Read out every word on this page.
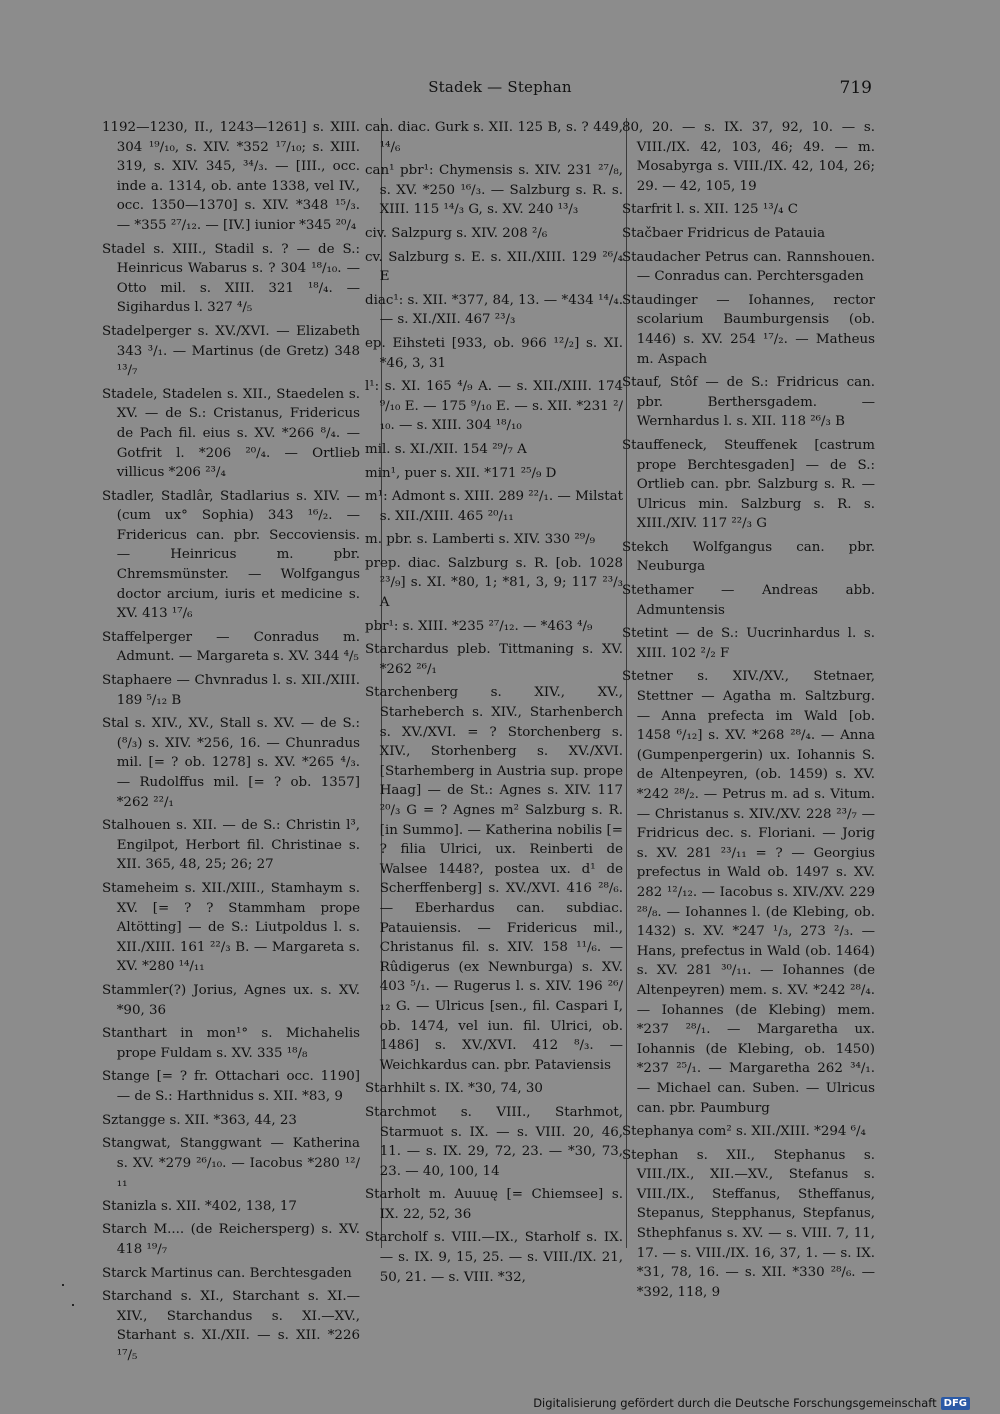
Stadek — Stephan	719
1192—1230, II., 1243—1261] s. XIII. 304 ¹⁹/₁₀, s. XIV. *352 ¹⁷/₁₀; s. XIII. 319, s. XIV. 345, ³⁴/₃. — [III., occ. inde a. 1314, ob. ante 1338, vel IV., occ. 1350—1370] s. XIV. *348 ¹⁵/₃. — *355 ²⁷/₁₂. — [IV.] iunior *345 ²⁰/₄
Stadel s. XIII., Stadil s. ? — de S.: Heinricus Wabarus s. ? 304 ¹⁸/₁₀. — Otto mil. s. XIII. 321 ¹⁸/₄. — Sigihardus l. 327 ⁴/₅
Stadelperger s. XV./XVI. — Elizabeth 343 ³/₁. — Martinus (de Gretz) 348 ¹³/₇
Stadele, Stadelen s. XII., Staedelen s. XV. — de S.: Cristanus, Fridericus de Pach fil. eius s. XV. *266 ⁸/₄. — Gotfrit l. *206 ²⁰/₄. — Ortlieb villicus *206 ²³/₄
Stadler, Stadlâr, Stadlarius s. XIV. — (cum ux° Sophia) 343 ¹⁶/₂. — Fridericus can. pbr. Seccoviensis. — Heinricus m. pbr. Chremsmünster. — Wolfgangus doctor arcium, iuris et medicine s. XV. 413 ¹⁷/₆
Staffelperger — Conradus m. Admunt. — Margareta s. XV. 344 ⁴/₅
Staphaere — Chvnradus l. s. XII./XIII. 189 ⁵/₁₂ B
Stal s. XIV., XV., Stall s. XV. — de S.: (⁸/₃) s. XIV. *256, 16. — Chunradus mil. [= ? ob. 1278] s. XV. *265 ⁴/₃. — Rudolffus mil. [= ? ob. 1357] *262 ²²/₁
Stalhouen s. XII. — de S.: Christin l³, Engilpot, Herbort fil. Christinae s. XII. 365, 48, 25; 26; 27
Stameheim s. XII./XIII., Stamhaym s. XV. [= ? ? Stammham prope Altötting] — de S.: Liutpoldus l. s. XII./XIII. 161 ²²/₃ B. — Margareta s. XV. *280 ¹⁴/₁₁
Stammler(?) Jorius, Agnes ux. s. XV. *90, 36
Stanthart in mon¹° s. Michahelis prope Fuldam s. XV. 335 ¹⁸/₈
Stange [= ? fr. Ottachari occ. 1190] — de S.: Harthnidus s. XII. *83, 9
Sztangge s. XII. *363, 44, 23
Stangwat, Stanggwant — Katherina s. XV. *279 ²⁶/₁₀. — Iacobus *280 ¹²/₁₁
Stanizla s. XII. *402, 138, 17
Starch M.... (de Reichersperg) s. XV. 418 ¹⁹/₇
Starck Martinus can. Berchtesgaden
Starchand s. XI., Starchant s. XI.—XIV., Starchandus s. XI.—XV., Starhant s. XI./XII. — s. XII. *226 ¹⁷/₅
can. diac. Gurk s. XII. 125 B, s. ? 449, ¹⁴/₆
can¹ pbr¹: Chymensis s. XIV. 231 ²⁷/₈, s. XV. *250 ¹⁶/₃. — Salzburg s. R. s. XIII. 115 ¹⁴/₃ G, s. XV. 240 ¹³/₃
civ. Salzpurg s. XIV. 208 ²/₆
cv. Salzburg s. E. s. XII./XIII. 129 ²⁶/₄ E
diac¹: s. XII. *377, 84, 13. — *434 ¹⁴/₄. — s. XI./XII. 467 ²³/₃
ep. Eihsteti [933, ob. 966 ¹²/₂] s. XI. *46, 3, 31
l¹: s. XI. 165 ⁴/₉ A. — s. XII./XIII. 174 ⁹/₁₀ E. — 175 ⁹/₁₀ E. — s. XII. *231 ²/₁₀. — s. XIII. 304 ¹⁸/₁₀
mil. s. XI./XII. 154 ²⁹/₇ A
min¹, puer s. XII. *171 ²⁵/₉ D
m¹: Admont s. XIII. 289 ²²/₁. — Milstat s. XII./XIII. 465 ²⁰/₁₁
m. pbr. s. Lamberti s. XIV. 330 ²⁹/₉
prep. diac. Salzburg s. R. [ob. 1028 ²³/₉] s. XI. *80, 1; *81, 3, 9; 117 ²³/₃ A
pbr¹: s. XIII. *235 ²⁷/₁₂. — *463 ⁴/₉
Starchardus pleb. Tittmaning s. XV. *262 ²⁶/₁
Starchenberg s. XIV., XV., Starheberch s. XIV., Starhenberch s. XV./XVI. = ? Storchenberg s. XIV., Storhenberg s. XV./XVI. [Starhemberg in Austria sup. prope Haag] — de St.: Agnes s. XIV. 117 ²⁰/₃ G = ? Agnes m² Salzburg s. R. [in Summo]. — Katherina nobilis [= ? filia Ulrici, ux. Reinberti de Walsee 1448?, postea ux. d¹ de Scherffenberg] s. XV./XVI. 416 ²⁸/₆. — Eberhardus can. subdiac. Patauiensis. — Fridericus mil., Christanus fil. s. XIV. 158 ¹¹/₆. — Rûdigerus (ex Newnburga) s. XV. 403 ⁵/₁. — Rugerus l. s. XIV. 196 ²⁶/₁₂ G. — Ulricus [sen., fil. Caspari I, ob. 1474, vel iun. fil. Ulrici, ob. 1486] s. XV./XVI. 412 ⁸/₃. — Weichkardus can. pbr. Pataviensis
Starhhilt s. IX. *30, 74, 30
Starchmot s. VIII., Starhmot, Starmuot s. IX. — s. VIII. 20, 46, 11. — s. IX. 29, 72, 23. — *30, 73, 23. — 40, 100, 14
Starholt m. Auuuę [= Chiemsee] s. IX. 22, 52, 36
Starcholf s. VIII.—IX., Starholf s. IX. — s. IX. 9, 15, 25. — s. VIII./IX. 21, 50, 21. — s. VIII. *32,
80, 20. — s. IX. 37, 92, 10. — s. VIII./IX. 42, 103, 46; 49. — m. Mosabyrga s. VIII./IX. 42, 104, 26; 29. — 42, 105, 19
Starfrit l. s. XII. 125 ¹³/₄ C
Stačbaer Fridricus de Patauia
Staudacher Petrus can. Rannshouen. — Conradus can. Perchtersgaden
Staudinger — Iohannes, rector scolarium Baumburgensis (ob. 1446) s. XV. 254 ¹⁷/₂. — Matheus m. Aspach
Stauf, Stôf — de S.: Fridricus can. pbr. Berthersgadem. — Wernhardus l. s. XII. 118 ²⁶/₃ B
Stauffeneck, Steuffenek [castrum prope Berchtesgaden] — de S.: Ortlieb can. pbr. Salzburg s. R. — Ulricus min. Salzburg s. R. s. XIII./XIV. 117 ²²/₃ G
Stekch Wolfgangus can. pbr. Neuburga
Stethamer — Andreas abb. Admuntensis
Stetint — de S.: Uucrinhardus l. s. XIII. 102 ²/₂ F
Stetner s. XIV./XV., Stetnaer, Stettner — Agatha m. Saltzburg. — Anna prefecta im Wald [ob. 1458 ⁶/₁₂] s. XV. *268 ²⁸/₄. — Anna (Gumpenpergerin) ux. Iohannis S. de Altenpeyren, (ob. 1459) s. XV. *242 ²⁸/₂. — Petrus m. ad s. Vitum. — Christanus s. XIV./XV. 228 ²³/₇ — Fridricus dec. s. Floriani. — Jorig s. XV. 281 ²³/₁₁ = ? — Georgius prefectus in Wald ob. 1497 s. XV. 282 ¹²/₁₂. — Iacobus s. XIV./XV. 229 ²⁸/₈. — Iohannes l. (de Klebing, ob. 1432) s. XV. *247 ¹/₃, 273 ²/₃. — Hans, prefectus in Wald (ob. 1464) s. XV. 281 ³⁰/₁₁. — Iohannes (de Altenpeyren) mem. s. XV. *242 ²⁸/₄. — Iohannes (de Klebing) mem. *237 ²⁸/₁. — Margaretha ux. Iohannis (de Klebing, ob. 1450) *237 ²⁵/₁. — Margaretha 262 ³⁴/₁. — Michael can. Suben. — Ulricus can. pbr. Paumburg
Stephanya com² s. XII./XIII. *294 ⁶/₄
Stephan s. XII., Stephanus s. VIII./IX., XII.—XV., Stefanus s. VIII./IX., Steffanus, Stheffanus, Stepanus, Stepphanus, Stepfanus, Sthephfanus s. XV. — s. VIII. 7, 11, 17. — s. VIII./IX. 16, 37, 1. — s. IX. *31, 78, 16. — s. XII. *330 ²⁸/₆. — *392, 118, 9
Digitalisierung gefördert durch die Deutsche Forschungsgemeinschaft DFG
